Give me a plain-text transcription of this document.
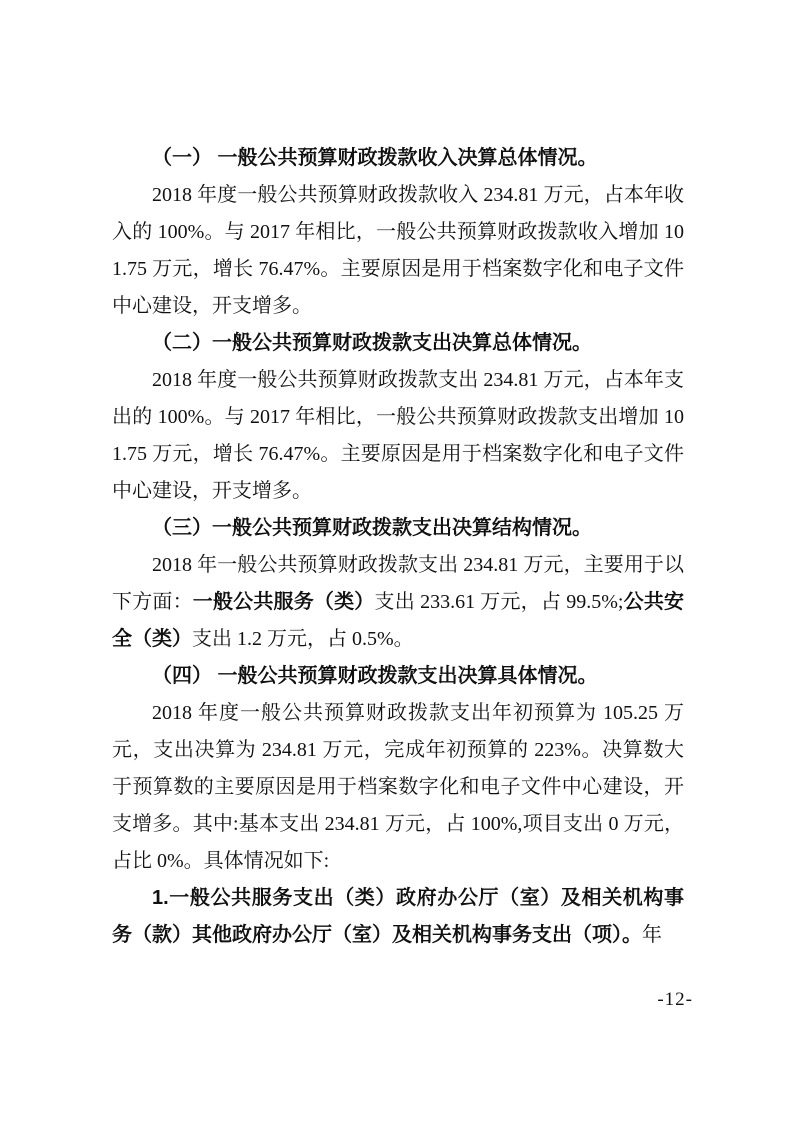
（一） 一般公共预算财政拨款收入决算总体情况。

2018 年度一般公共预算财政拨款收入 234.81 万元，占本年收入的 100%。与 2017 年相比，一般公共预算财政拨款收入增加 101.75 万元，增长 76.47%。主要原因是用于档案数字化和电子文件中心建设，开支增多。

（二）一般公共预算财政拨款支出决算总体情况。

2018 年度一般公共预算财政拨款支出 234.81 万元，占本年支出的 100%。与 2017 年相比，一般公共预算财政拨款支出增加 101.75 万元，增长 76.47%。主要原因是用于档案数字化和电子文件中心建设，开支增多。

（三）一般公共预算财政拨款支出决算结构情况。

2018 年一般公共预算财政拨款支出 234.81 万元，主要用于以下方面：一般公共服务（类）支出 233.61 万元，占 99.5%;公共安全（类）支出 1.2 万元，占 0.5%。

（四） 一般公共预算财政拨款支出决算具体情况。

2018 年度一般公共预算财政拨款支出年初预算为 105.25 万元，支出决算为 234.81 万元，完成年初预算的 223%。决算数大于预算数的主要原因是用于档案数字化和电子文件中心建设，开支增多。其中:基本支出 234.81 万元，占 100%,项目支出 0 万元，占比 0%。具体情况如下:

1.一般公共服务支出（类）政府办公厅（室）及相关机构事务（款）其他政府办公厅（室）及相关机构事务支出（项）。年

-12-
